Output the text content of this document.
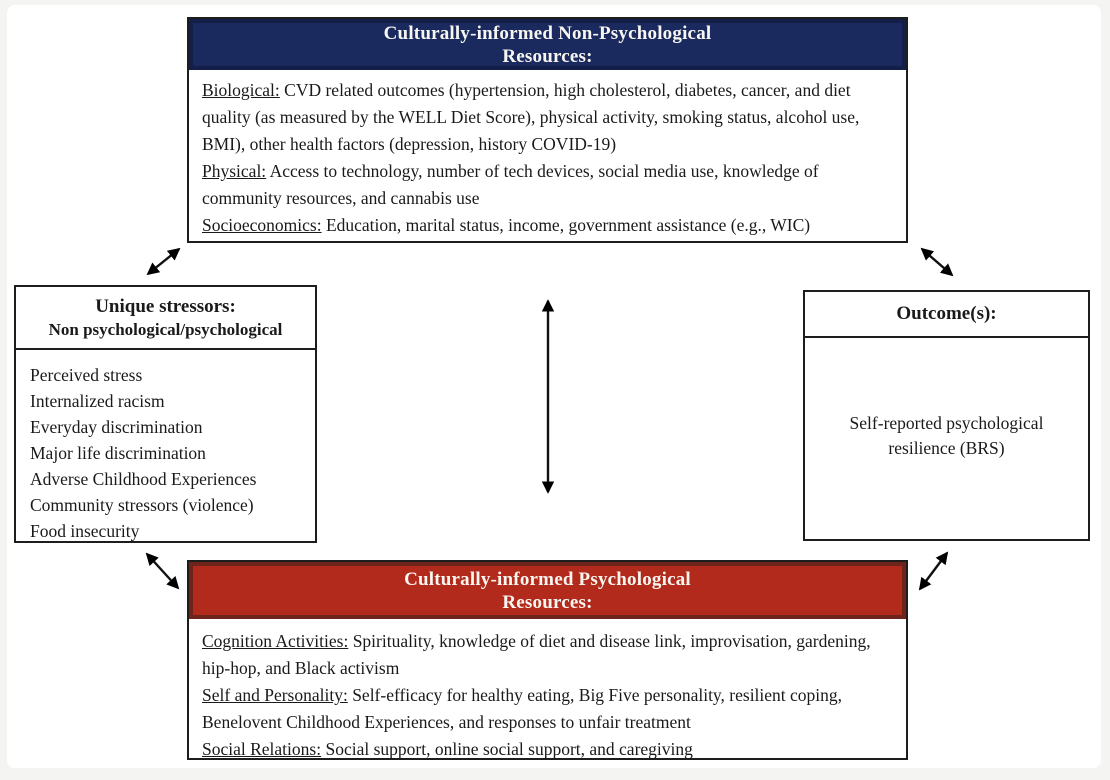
Culturally-informed Non-Psychological
Resources:
Biological: CVD related outcomes (hypertension, high cholesterol, diabetes, cancer, and diet quality (as measured by the WELL Diet Score), physical activity, smoking status, alcohol use, BMI), other health factors (depression, history COVID-19)
Physical: Access to technology, number of tech devices, social media use, knowledge of community resources, and cannabis use
Socioeconomics: Education, marital status, income, government assistance (e.g., WIC)
Unique stressors:
Non psychological/psychological
Perceived stress
Internalized racism
Everyday discrimination
Major life discrimination
Adverse Childhood Experiences
Community stressors (violence)
Food insecurity
Outcome(s):
Self-reported psychological resilience (BRS)
Culturally-informed Psychological
Resources:
Cognition Activities: Spirituality, knowledge of diet and disease link, improvisation, gardening, hip-hop, and Black activism
Self and Personality: Self-efficacy for healthy eating, Big Five personality, resilient coping, Benelovent Childhood Experiences, and responses to unfair treatment
Social Relations: Social support, online social support, and caregiving
